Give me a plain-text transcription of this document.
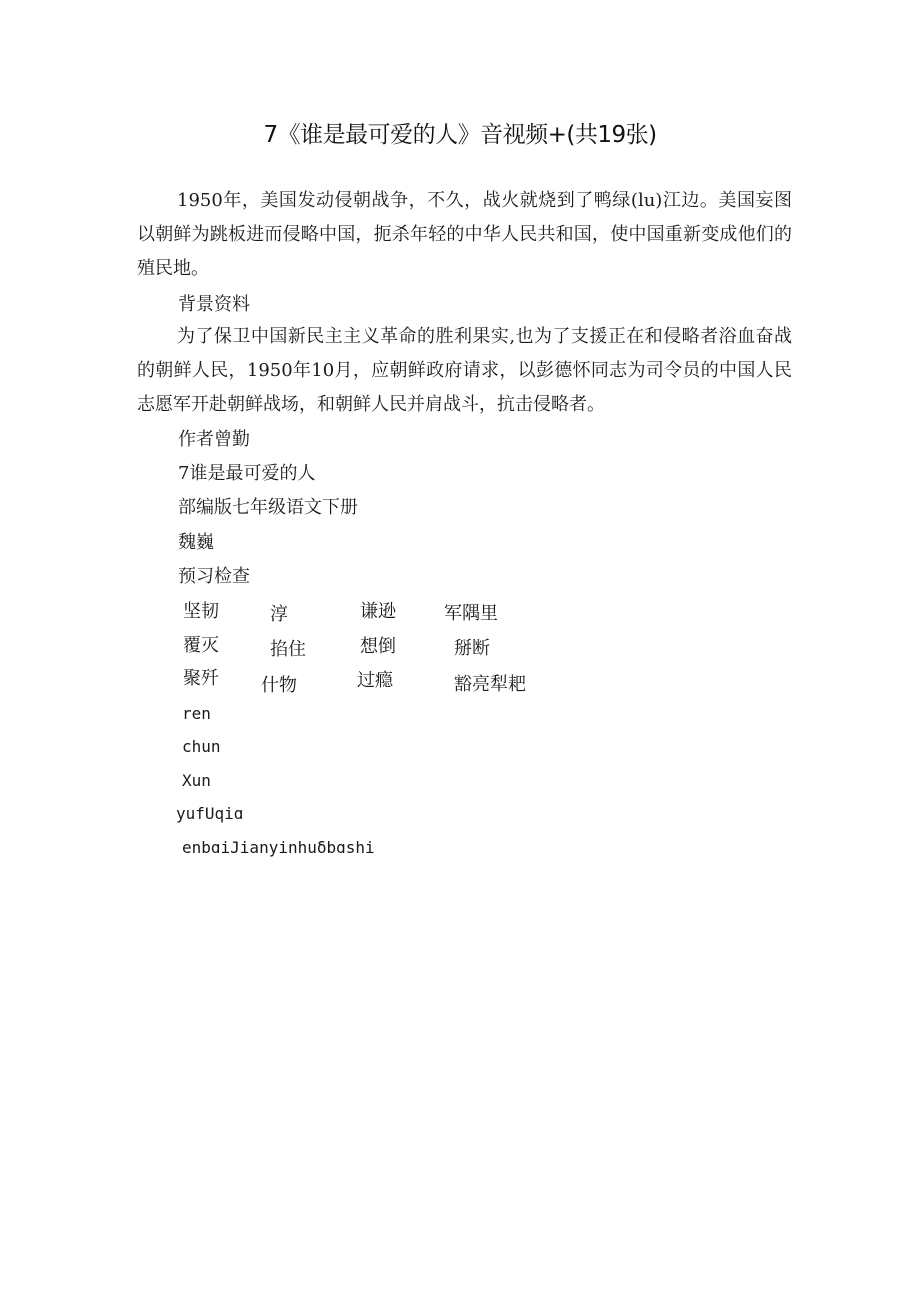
7《谁是最可爱的人》音视频+(共19张)

1950年，美国发动侵朝战争，不久，战火就烧到了鸭绿(lu)江边。美国妄图以朝鲜为跳板进而侵略中国，扼杀年轻的中华人民共和国，使中国重新变成他们的殖民地。

背景资料

为了保卫中国新民主主义革命的胜利果实,也为了支援正在和侵略者浴血奋战的朝鲜人民，1950年10月，应朝鲜政府请求，以彭德怀同志为司令员的中国人民志愿军开赴朝鲜战场，和朝鲜人民并肩战斗，抗击侵略者。

作者曾勤
7谁是最可爱的人
部编版七年级语文下册
魏巍
预习检查
坚韧	淳	谦逊	军隅里
覆灭	掐住	想倒	掰断
聚歼 什物	过瘾	豁亮犁耙
ren
chun
Xun
yufUqiɑ
enbɑiJianyinhuδbɑshi
